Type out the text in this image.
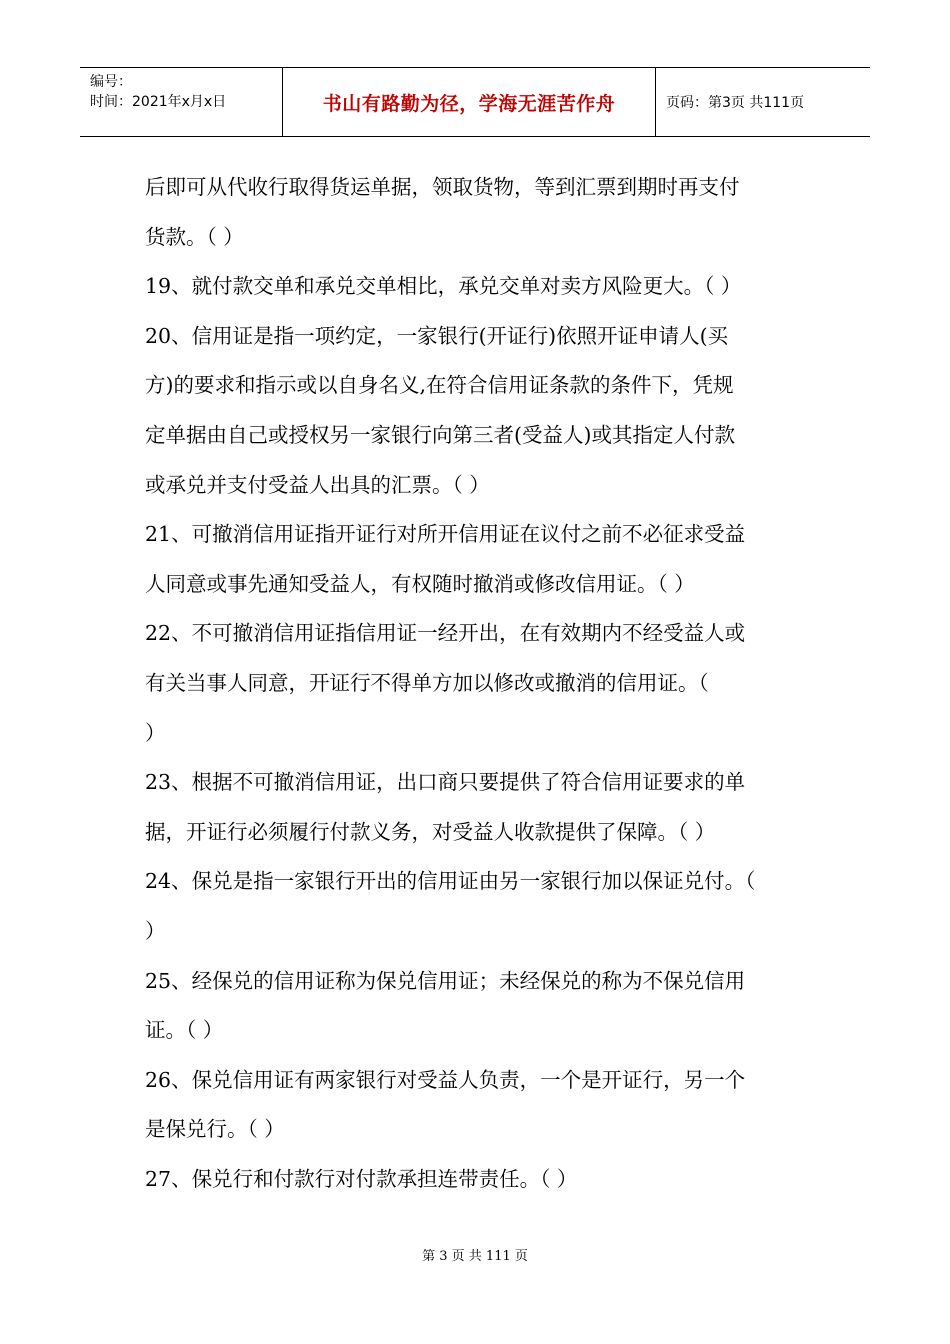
编号：
时间：2021年x月x日	书山有路勤为径，学海无涯苦作舟	页码：第3页 共111页

后即可从代收行取得货运单据，领取货物，等到汇票到期时再支付

货款。（ ）

19、就付款交单和承兑交单相比，承兑交单对卖方风险更大。（ ）

20、信用证是指一项约定，一家银行(开证行)依照开证申请人(买

方)的要求和指示或以自身名义,在符合信用证条款的条件下，凭规

定单据由自己或授权另一家银行向第三者(受益人)或其指定人付款

或承兑并支付受益人出具的汇票。（ ）

21、可撤消信用证指开证行对所开信用证在议付之前不必征求受益

人同意或事先通知受益人，有权随时撤消或修改信用证。（ ）

22、不可撤消信用证指信用证一经开出，在有效期内不经受益人或

有关当事人同意，开证行不得单方加以修改或撤消的信用证。（

）

23、根据不可撤消信用证，出口商只要提供了符合信用证要求的单

据，开证行必须履行付款义务，对受益人收款提供了保障。（ ）

24、保兑是指一家银行开出的信用证由另一家银行加以保证兑付。（

）

25、经保兑的信用证称为保兑信用证；未经保兑的称为不保兑信用

证。（ ）

26、保兑信用证有两家银行对受益人负责，一个是开证行，另一个

是保兑行。（ ）

27、保兑行和付款行对付款承担连带责任。（ ）

第 3 页 共 111 页
